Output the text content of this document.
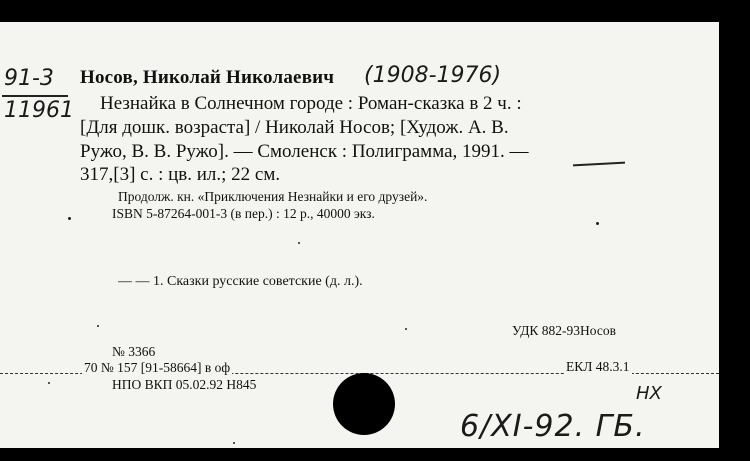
91-3
11961
Носов, Николай Николаевич (1908-1976)
Незнайка в Солнечном городе : Роман-сказка в 2 ч. :
[Для дошк. возраста] / Николай Носов; [Худож. А. В.
Ружо, В. В. Ружо]. — Смоленск : Полиграмма, 1991. —
317,[3] с. : цв. ил.; 22 см.
Продолж. кн. «Приключения Незнайки и его друзей».
ISBN 5-87264-001-3 (в пер.) : 12 р., 40000 экз.
— — 1. Сказки русские советские (д. л.).
УДК 882-93Носов
№ 3366
70 № 157 [91-58664] в оф	ЕКЛ 48.3.1
НПО ВКП 05.02.92 Н845	НХ
6/XI-92. ГБ.
